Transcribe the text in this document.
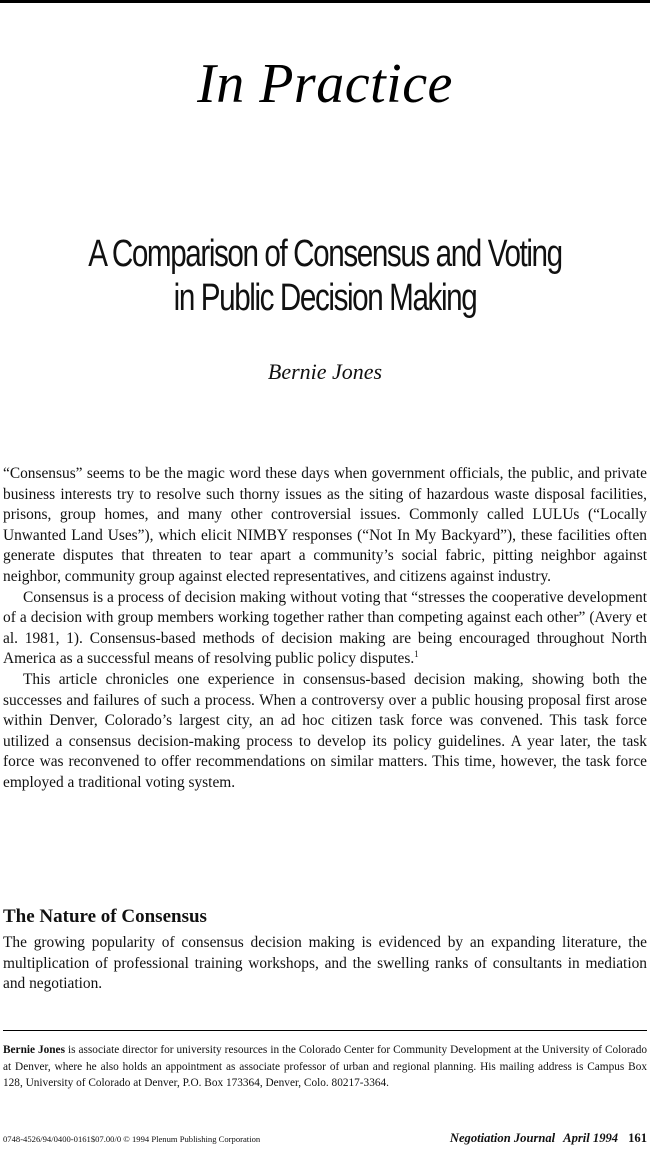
In Practice
A Comparison of Consensus and Voting
in Public Decision Making
Bernie Jones

“Consensus” seems to be the magic word these days when government officials, the public, and private business interests try to resolve such thorny issues as the siting of hazardous waste disposal facilities, prisons, group homes, and many other controversial issues. Commonly called LULUs (“Locally Unwanted Land Uses”), which elicit NIMBY responses (“Not In My Backyard”), these facilities often generate disputes that threaten to tear apart a community’s social fabric, pitting neighbor against neighbor, community group against elected representatives, and citizens against industry.

Consensus is a process of decision making without voting that “stresses the cooperative development of a decision with group members working together rather than competing against each other” (Avery et al. 1981, 1). Consensus-based methods of decision making are being encouraged throughout North America as a successful means of resolving public policy disputes.$^1$

This article chronicles one experience in consensus-based decision making, showing both the successes and failures of such a process. When a controversy over a public housing proposal first arose within Denver, Colorado’s largest city, an ad hoc citizen task force was convened. This task force utilized a consensus decision-making process to develop its policy guidelines. A year later, the task force was reconvened to offer recommendations on similar matters. This time, however, the task force employed a traditional voting system.

The Nature of Consensus

The growing popularity of consensus decision making is evidenced by an expanding literature, the multiplication of professional training workshops, and the swelling ranks of consultants in mediation and negotiation.

Bernie Jones is associate director for university resources in the Colorado Center for Community Development at the University of Colorado at Denver, where he also holds an appointment as associate professor of urban and regional planning. His mailing address is Campus Box 128, University of Colorado at Denver, P.O. Box 173364, Denver, Colo. 80217-3364.
0748-4526/94/0400-0161$07.00/0 © 1994 Plenum Publishing Corporation	Negotiation Journal April 1994 161
